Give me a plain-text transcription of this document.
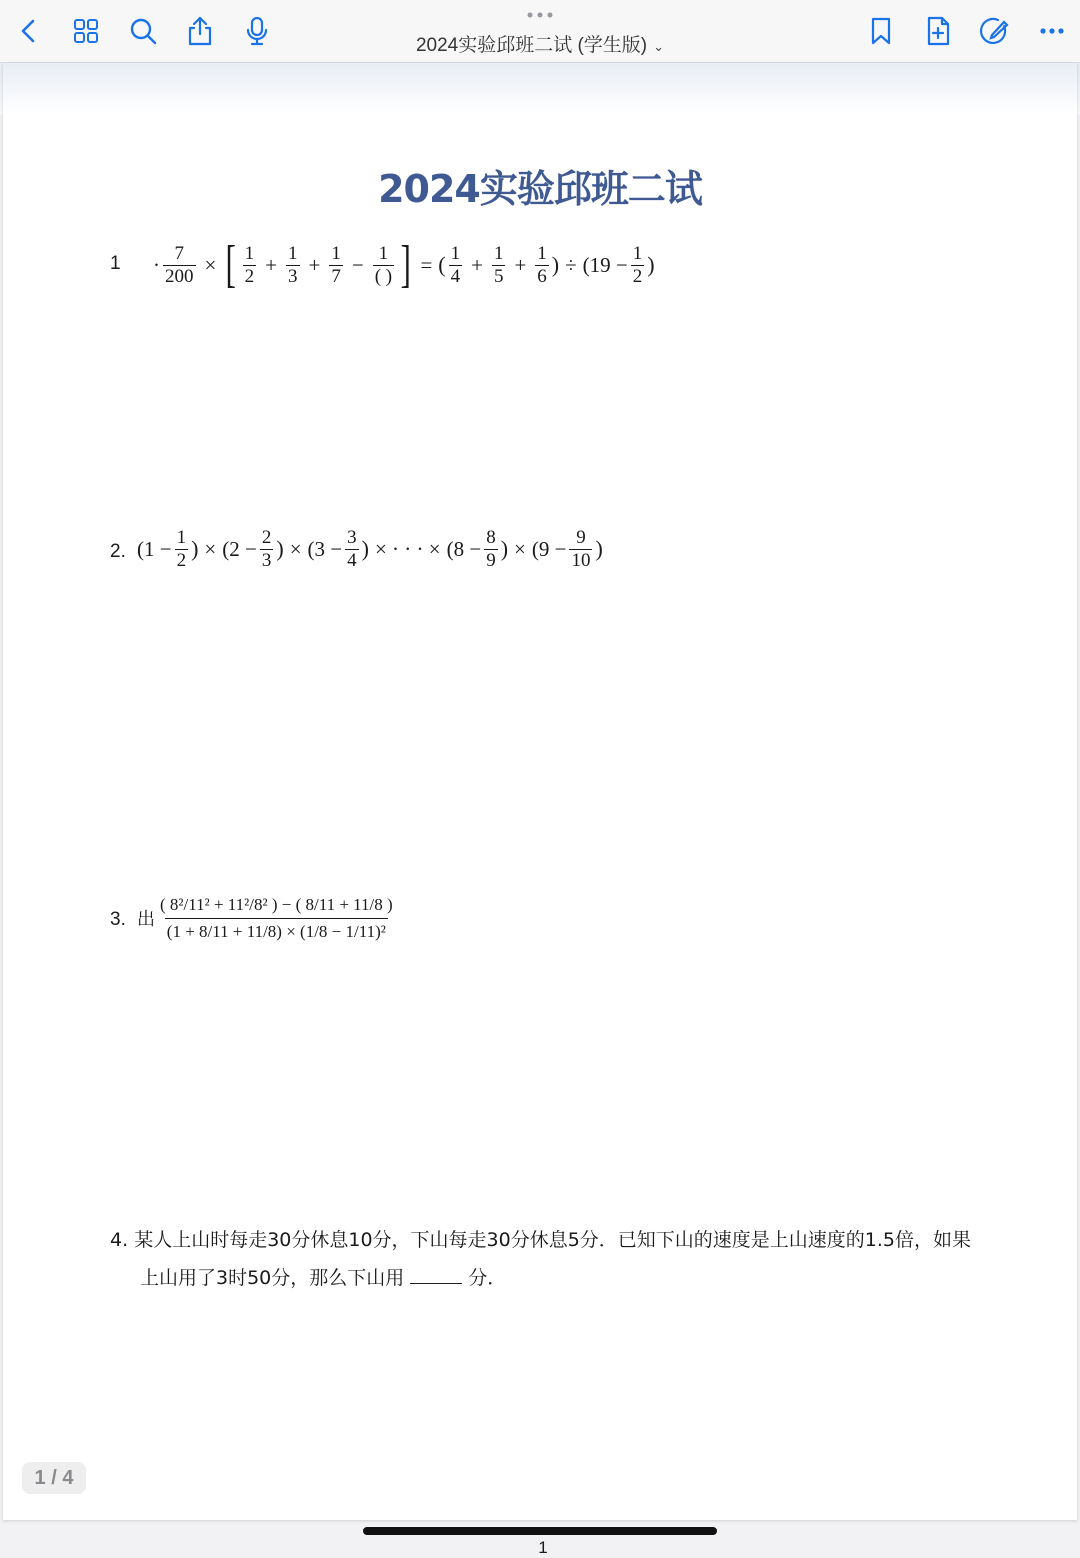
2024实验邱班二试 (学生版) ⌄
2024实验邱班二试
$1 \cdot \frac{7}{200}$ × [ $\frac{1}{2} + \frac{1}{3} + \frac{1}{7} - \frac{1}{( )}$ ] = ( $\frac{1}{4} + \frac{1}{5} + \frac{1}{6}$ ) ÷ ($19 - \frac{1}{2}$ )
2. ($1 - \frac{1}{2}$ ) × ($2 - \frac{2}{3}$ ) × ($3 - \frac{3}{4}$ ) × · · · × ($8 - \frac{8}{9}$ ) × ($9 - \frac{9}{10}$ )
3. 出 $\frac{\text{( 8²/11² + 11²/8² ) − ( 8/11 + 11/8 )}}{\text{(1 + 8/11 + 11/8) × (1/8 − 1/11)²}}$
4. 某人上山时每走30分休息10分，下山每走30分休息5分．已知下山的速度是上山速度的1.5倍，如果
上山用了3时50分，那么下山用	分．
1
1 / 4
